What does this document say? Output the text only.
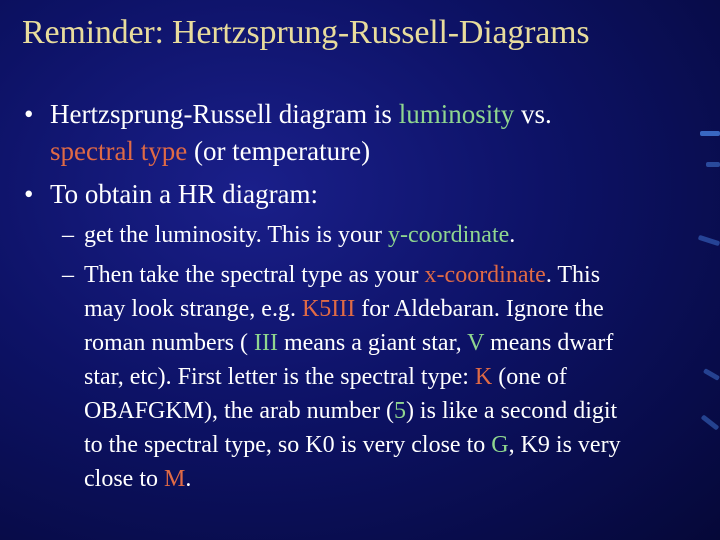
Reminder: Hertzsprung-Russell-Diagrams
• Hertzsprung-Russell diagram is luminosity vs.
spectral type (or temperature)
• To obtain a HR diagram:
– get the luminosity. This is your y-coordinate.
– Then take the spectral type as your x-coordinate. This
may look strange, e.g. K5III for Aldebaran. Ignore the
roman numbers ( III means a giant star, V means dwarf
star, etc). First letter is the spectral type: K (one of
OBAFGKM), the arab number (5) is like a second digit
to the spectral type, so K0 is very close to G, K9 is very
close to M.
